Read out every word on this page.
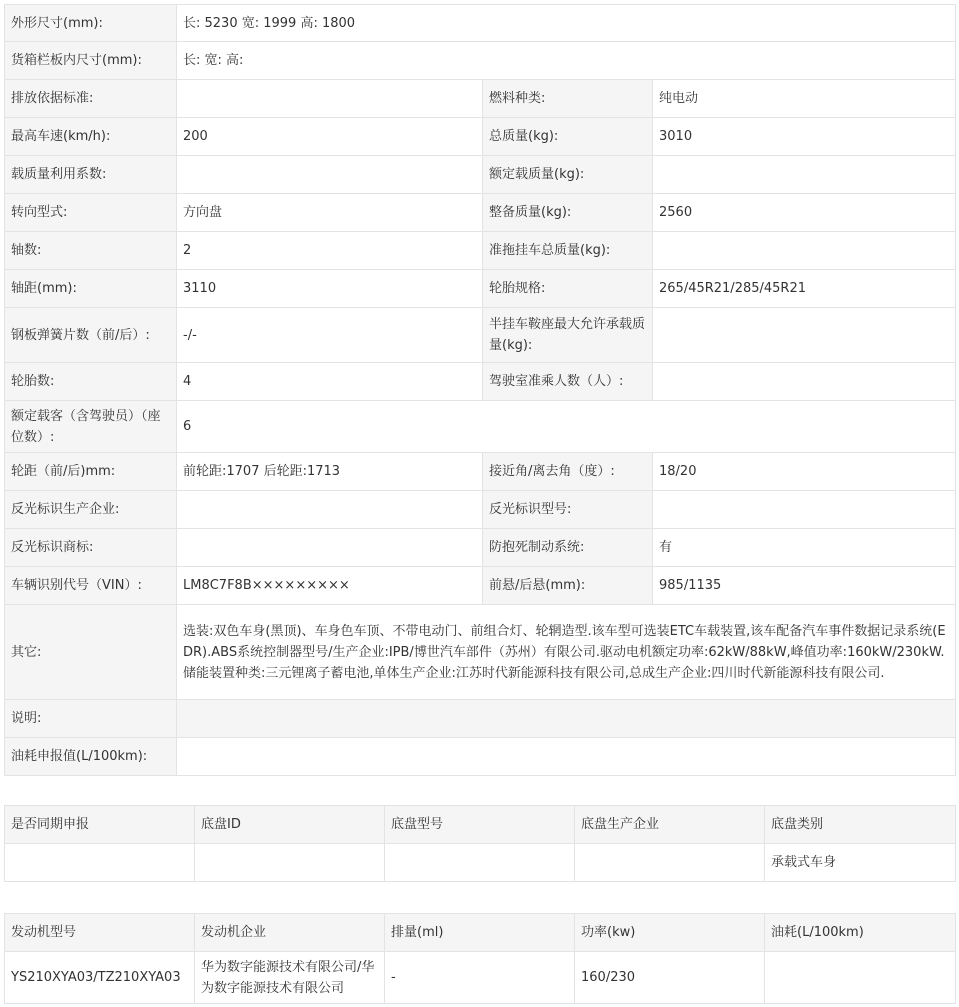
外形尺寸(mm):	长: 5230 宽: 1999 高: 1800		
货箱栏板内尺寸(mm):	长: 宽: 高:		
排放依据标准:		燃料种类:	纯电动
最高车速(km/h):	200	总质量(kg):	3010
载质量利用系数:		额定载质量(kg):	
转向型式:	方向盘	整备质量(kg):	2560
轴数:	2	准拖挂车总质量(kg):	
轴距(mm):	3110	轮胎规格:	265/45R21/285/45R21
钢板弹簧片数（前/后）:	-/-	半挂车鞍座最大允许承载质量(kg):	
轮胎数:	4	驾驶室准乘人数（人）:	
额定载客（含驾驶员）（座位数）:	6		
轮距（前/后)mm:	前轮距:1707 后轮距:1713	接近角/离去角（度）:	18/20
反光标识生产企业:		反光标识型号:	
反光标识商标:		防抱死制动系统:	有
车辆识别代号（VIN）:	LM8C7F8B×××××××××	前悬/后悬(mm):	985/1135
其它:	选装:双色车身(黑顶)、车身色车顶、不带电动门、前组合灯、轮辋造型.该车型可选装ETC车载装置,该车配备汽车事件数据记录系统(EDR).ABS系统控制器型号/生产企业:IPB/博世汽车部件（苏州）有限公司.驱动电机额定功率:62kW/88kW,峰值功率:160kW/230kW.储能装置种类:三元锂离子蓄电池,单体生产企业:江苏时代新能源科技有限公司,总成生产企业:四川时代新能源科技有限公司.		
说明:			
油耗申报值(L/100km):			
是否同期申报	底盘ID	底盘型号	底盘生产企业	底盘类别
				承载式车身
发动机型号	发动机企业	排量(ml)	功率(kw)	油耗(L/100km)
YS210XYA03/TZ210XYA03	华为数字能源技术有限公司/华为数字能源技术有限公司	-	160/230	
